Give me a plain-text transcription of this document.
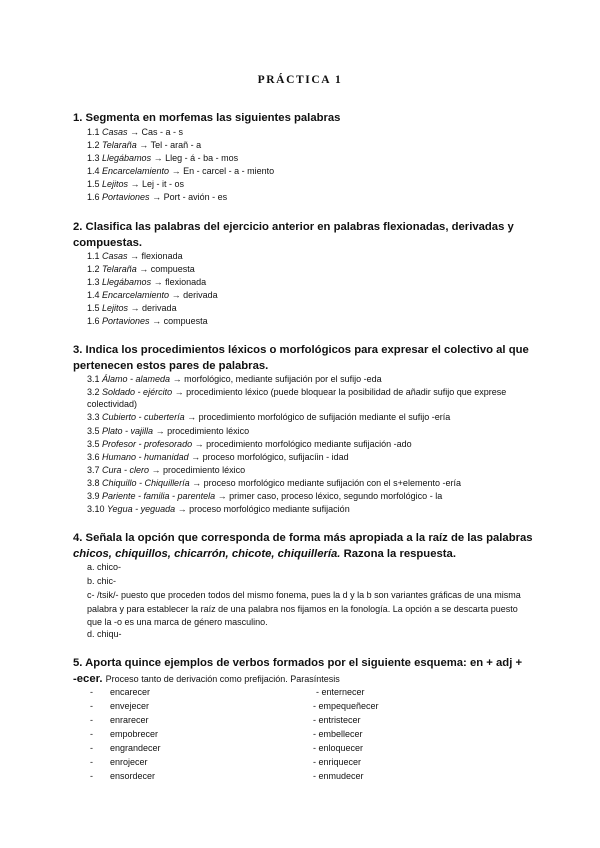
PRÁCTICA 1
1. Segmenta en morfemas las siguientes palabras
1.1 Casas → Cas - a - s
1.2 Telaraña → Tel - arañ - a
1.3 Llegábamos → Lleg - á - ba - mos
1.4 Encarcelamiento → En - carcel - a - miento
1.5 Lejitos → Lej - it - os
1.6 Portaviones → Port - avión - es
2. Clasifica las palabras del ejercicio anterior en palabras flexionadas, derivadas y compuestas.
1.1 Casas → flexionada
1.2 Telaraña → compuesta
1.3 Llegábamos → flexionada
1.4 Encarcelamiento → derivada
1.5 Lejitos → derivada
1.6 Portaviones → compuesta
3. Indica los procedimientos léxicos o morfológicos para expresar el colectivo al que pertenecen estos pares de palabras.
3.1 Álamo - alameda → morfológico, mediante sufijación por el sufijo -eda
3.2 Soldado - ejército → procedimiento léxico (puede bloquear la posibilidad de añadir sufijo que exprese colectividad)
3.3 Cubierto - cubertería → procedimiento morfológico de sufijación mediante el sufijo -ería
3.5 Plato - vajilla → procedimiento léxico
3.5 Profesor - profesorado → procedimiento morfológico mediante sufijación -ado
3.6 Humano - humanidad → proceso morfológico, sufijacíin - idad
3.7 Cura - clero → procedimiento léxico
3.8 Chiquillo - Chiquillería → proceso morfológico mediante sufijación con el s+elemento -ería
3.9 Pariente - familia - parentela → primer caso, proceso léxico, segundo morfológico - la
3.10 Yegua - yeguada → proceso morfológico mediante sufijación
4. Señala la opción que corresponda de forma más apropiada a la raíz de las palabras chicos, chiquillos, chicarrón, chicote, chiquillería. Razona la respuesta.
a. chico-
b. chic-
c- /tsik/- puesto que proceden todos del mismo fonema, pues la d y la b son variantes gráficas de una misma palabra y para establecer la raíz de una palabra nos fijamos en la fonología. La opción a se descarta puesto que la -o es una marca de género masculino.
d. chiqu-
5. Aporta quince ejemplos de verbos formados por el siguiente esquema: en + adj +
-ecer. Proceso tanto de derivación como prefijación. Parasíntesis
- encarecer
- envejecer
- enrarecer
- empobrecer
- engrandecer
- enrojecer
- ensordecer
- enternecer
- empequeñecer
- entristecer
- embellecer
- enloquecer
- enriquecer
- enmudecer
